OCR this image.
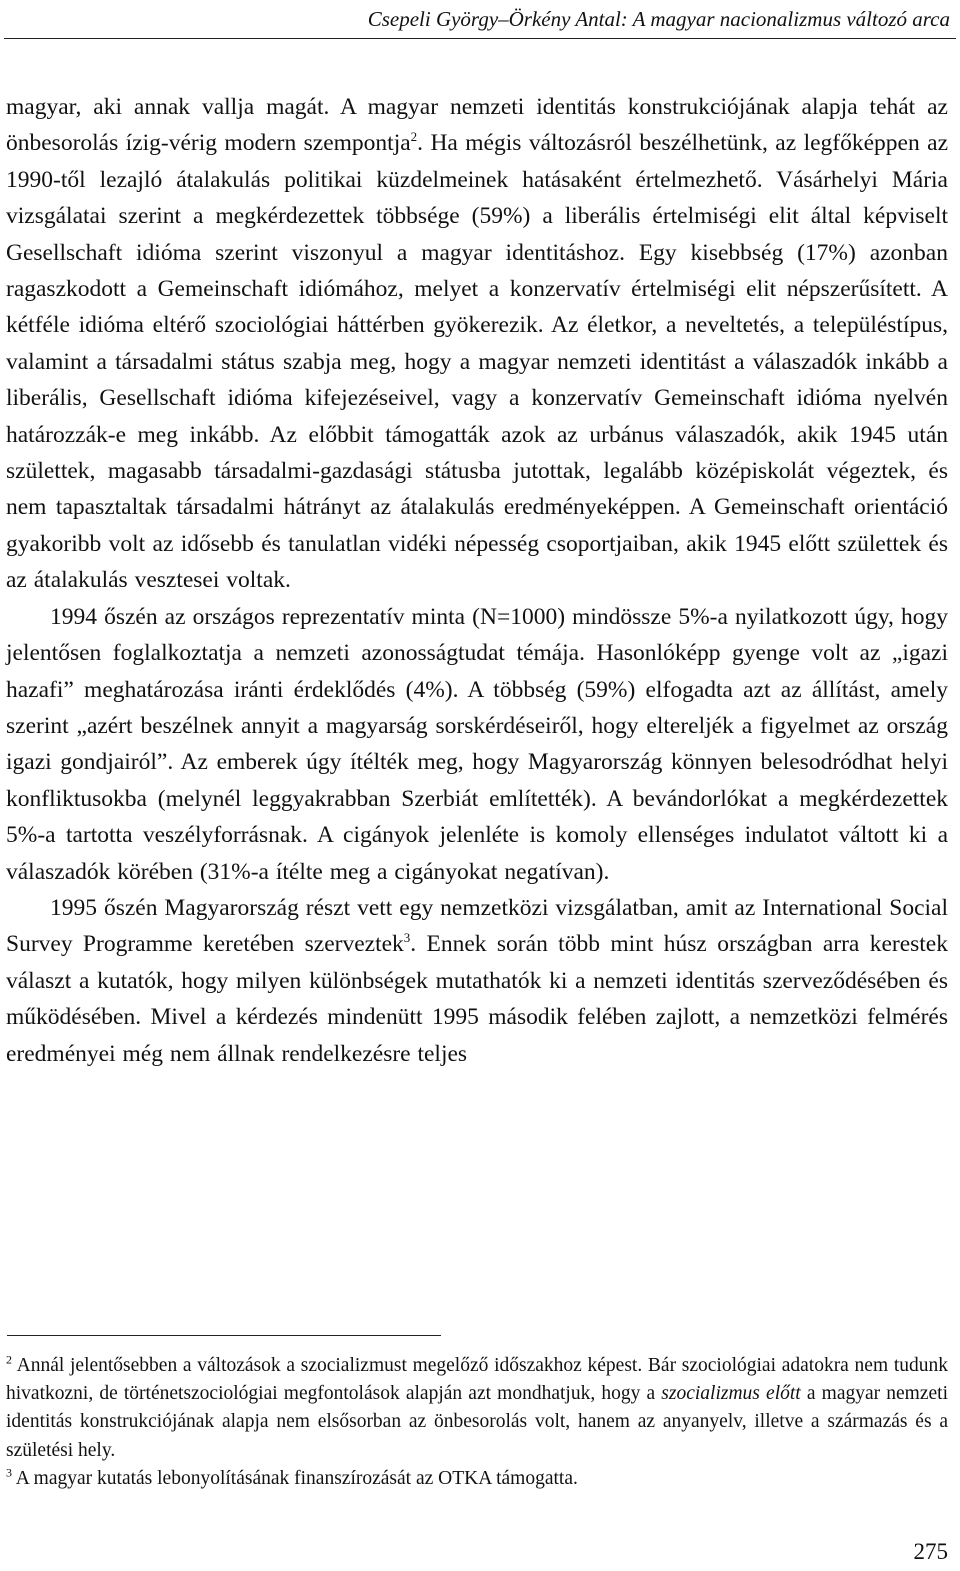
Csepeli György–Örkény Antal: A magyar nacionalizmus változó arca

magyar, aki annak vallja magát. A magyar nemzeti identitás konstrukciójának alapja tehát az önbesorolás ízig-vérig modern szempontja$^2$. Ha mégis változásról beszélhetünk, az legfőképpen az 1990-től lezajló átalakulás politikai küzdelmeinek hatásaként értelmezhető. Vásárhelyi Mária vizsgálatai szerint a megkérdezettek többsége (59%) a liberális értelmiségi elit által képviselt Gesellschaft idióma szerint viszonyul a magyar identitáshoz. Egy kisebbség (17%) azonban ragaszkodott a Gemeinschaft idiómához, melyet a konzervatív értelmiségi elit népszerűsített. A kétféle idióma eltérő szociológiai háttérben gyökerezik. Az életkor, a neveltetés, a településtípus, valamint a társadalmi státus szabja meg, hogy a magyar nemzeti identitást a válaszadók inkább a liberális, Gesellschaft idióma kifejezéseivel, vagy a konzervatív Gemeinschaft idióma nyelvén határozzák-e meg inkább. Az előbbit támogatták azok az urbánus válaszadók, akik 1945 után születtek, magasabb társadalmi-gazdasági státusba jutottak, legalább középiskolát végeztek, és nem tapasztaltak társadalmi hátrányt az átalakulás eredményeképpen. A Gemeinschaft orientáció gyakoribb volt az idősebb és tanulatlan vidéki népesség csoportjaiban, akik 1945 előtt születtek és az átalakulás vesztesei voltak.

1994 őszén az országos reprezentatív minta (N=1000) mindössze 5%-a nyilatkozott úgy, hogy jelentősen foglalkoztatja a nemzeti azonosságtudat témája. Hasonlóképp gyenge volt az „igazi hazafi” meghatározása iránti érdeklődés (4%). A többség (59%) elfogadta azt az állítást, amely szerint „azért beszélnek annyit a magyarság sorskérdéseiről, hogy eltereljék a figyelmet az ország igazi gondjairól”. Az emberek úgy ítélték meg, hogy Magyarország könnyen belesodródhat helyi konfliktusokba (melynél leggyakrabban Szerbiát említették). A bevándorlókat a megkérdezettek 5%-a tartotta veszélyforrásnak. A cigányok jelenléte is komoly ellenséges indulatot váltott ki a válaszadók körében (31%-a ítélte meg a cigányokat negatívan).

1995 őszén Magyarország részt vett egy nemzetközi vizsgálatban, amit az International Social Survey Programme keretében szerveztek$^3$. Ennek során több mint húsz országban arra kerestek választ a kutatók, hogy milyen különbségek mutathatók ki a nemzeti identitás szerveződésében és működésében. Mivel a kérdezés mindenütt 1995 második felében zajlott, a nemzetközi felmérés eredményei még nem állnak rendelkezésre teljes

$^2$ Annál jelentősebben a változások a szocializmust megelőző időszakhoz képest. Bár szociológiai adatokra nem tudunk hivatkozni, de történetszociológiai megfontolások alapján azt mondhatjuk, hogy a szocializmus előtt a magyar nemzeti identitás konstrukciójának alapja nem elsősorban az önbesorolás volt, hanem az anyanyelv, illetve a származás és a születési hely.

$^3$ A magyar kutatás lebonyolításának finanszírozását az OTKA támogatta.

275
